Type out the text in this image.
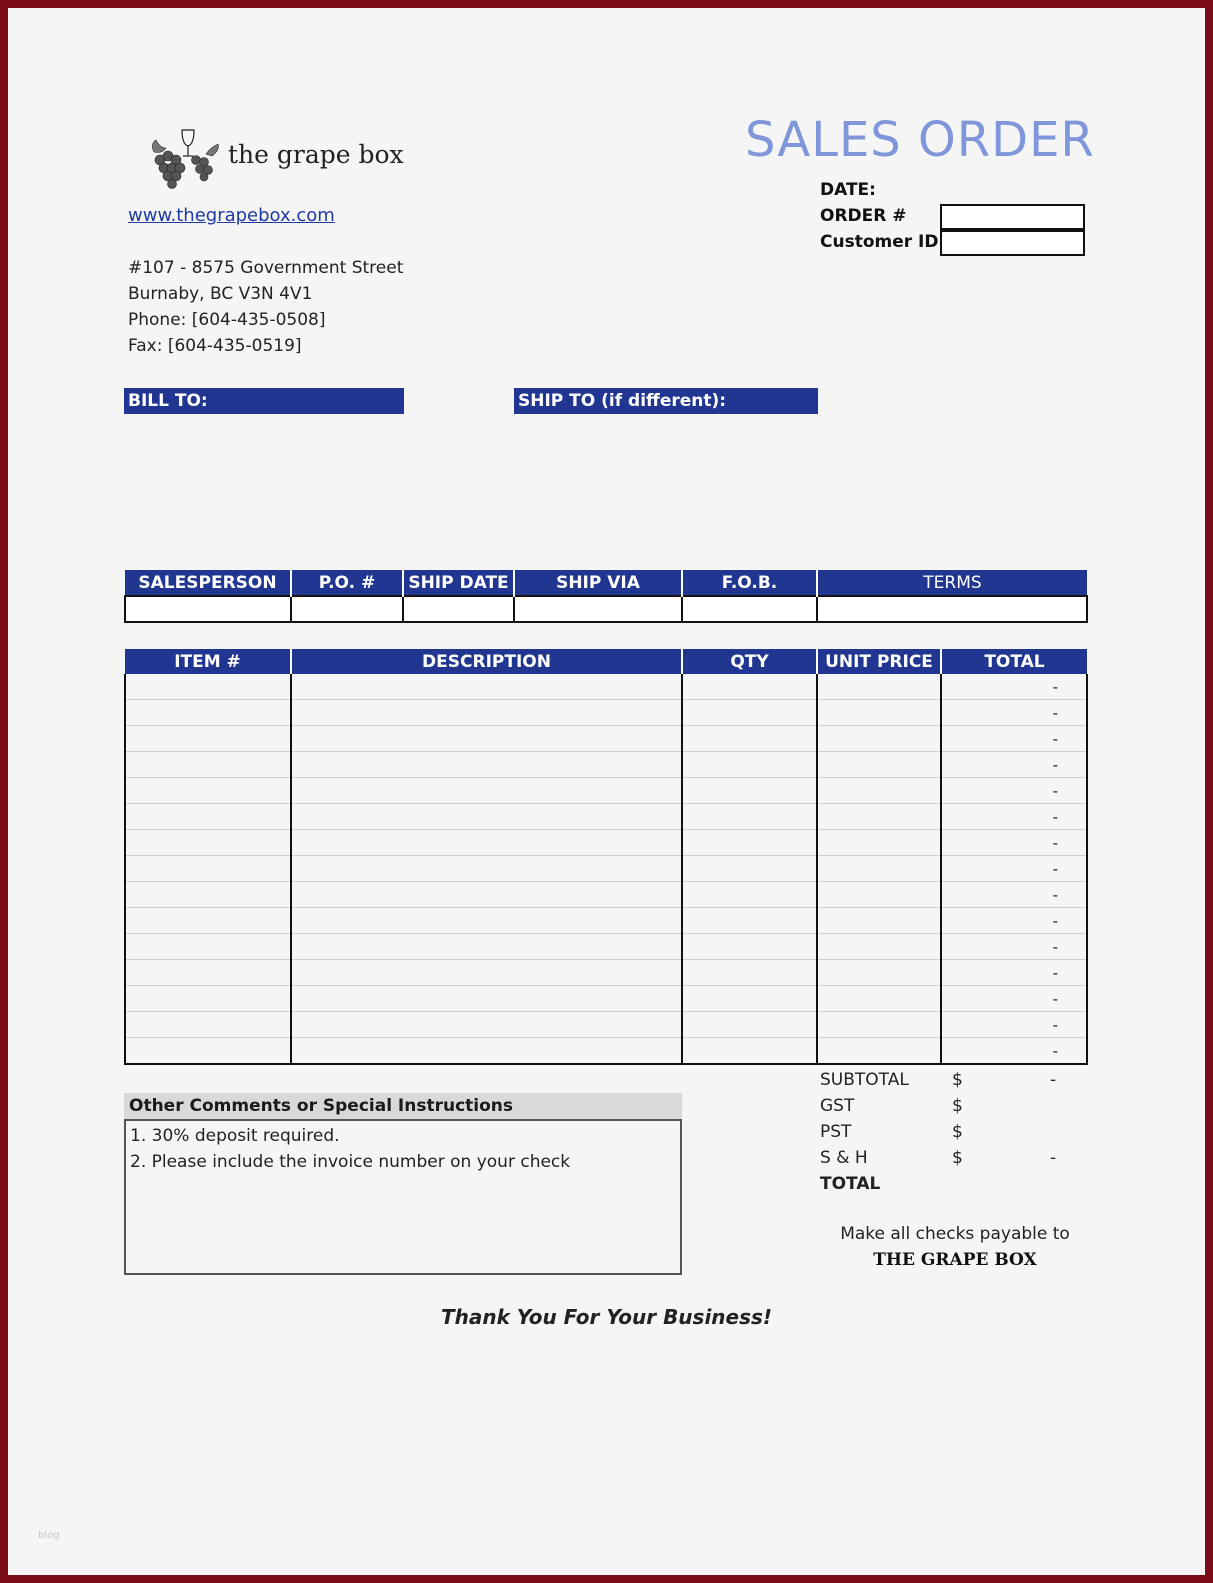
the grape box
www.thegrapebox.com
#107 - 8575 Government Street
Burnaby, BC V3N 4V1
Phone: [604-435-0508]
Fax: [604-435-0519]
SALES ORDER
DATE:
ORDER #
Customer ID
BILL TO:	SHIP TO (if different):
SALESPERSON	P.O. #	SHIP DATE	SHIP VIA	F.O.B.	TERMS

ITEM #	DESCRIPTION	QTY	UNIT PRICE	TOTAL
				-
				-
				-
				-
				-
				-
				-
				-
				-
				-
				-
				-
				-
				-
				-
SUBTOTAL	$	-
GST	$
PST	$
S & H	$	-
TOTAL
Other Comments or Special Instructions
1. 30% deposit required.
2. Please include the invoice number on your check
Make all checks payable to
THE GRAPE BOX
Thank You For Your Business!
blog
